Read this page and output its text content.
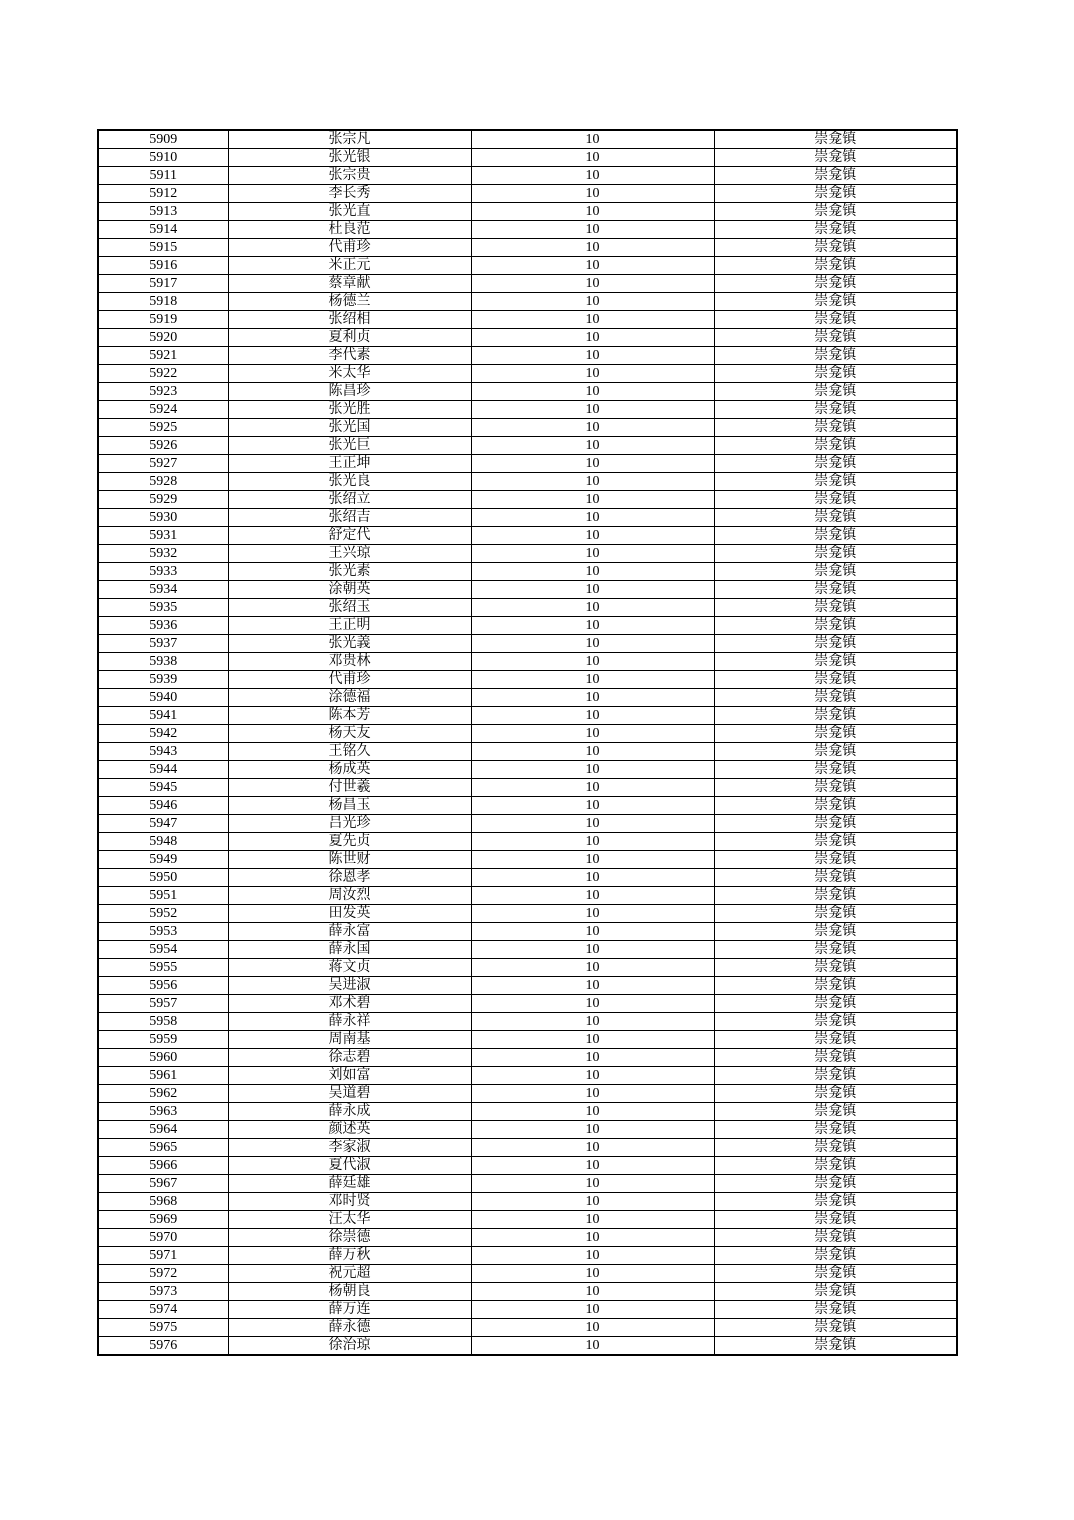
5909	张宗凡	10	崇龛镇
5910	张光银	10	崇龛镇
5911	张宗贵	10	崇龛镇
5912	李长秀	10	崇龛镇
5913	张光直	10	崇龛镇
5914	杜良范	10	崇龛镇
5915	代甫珍	10	崇龛镇
5916	米正元	10	崇龛镇
5917	蔡章献	10	崇龛镇
5918	杨德兰	10	崇龛镇
5919	张绍相	10	崇龛镇
5920	夏利贞	10	崇龛镇
5921	李代素	10	崇龛镇
5922	米太华	10	崇龛镇
5923	陈昌珍	10	崇龛镇
5924	张光胜	10	崇龛镇
5925	张光国	10	崇龛镇
5926	张光巨	10	崇龛镇
5927	王正坤	10	崇龛镇
5928	张光良	10	崇龛镇
5929	张绍立	10	崇龛镇
5930	张绍吉	10	崇龛镇
5931	舒定代	10	崇龛镇
5932	王兴琼	10	崇龛镇
5933	张光素	10	崇龛镇
5934	涂朝英	10	崇龛镇
5935	张绍玉	10	崇龛镇
5936	王正明	10	崇龛镇
5937	张光義	10	崇龛镇
5938	邓贵林	10	崇龛镇
5939	代甫珍	10	崇龛镇
5940	涂德福	10	崇龛镇
5941	陈本芳	10	崇龛镇
5942	杨天友	10	崇龛镇
5943	王铭久	10	崇龛镇
5944	杨成英	10	崇龛镇
5945	付世羲	10	崇龛镇
5946	杨昌玉	10	崇龛镇
5947	吕光珍	10	崇龛镇
5948	夏先贞	10	崇龛镇
5949	陈世财	10	崇龛镇
5950	徐恩孝	10	崇龛镇
5951	周汝烈	10	崇龛镇
5952	田发英	10	崇龛镇
5953	薛永富	10	崇龛镇
5954	薛永国	10	崇龛镇
5955	蒋文贞	10	崇龛镇
5956	吴进淑	10	崇龛镇
5957	邓术碧	10	崇龛镇
5958	薛永祥	10	崇龛镇
5959	周南基	10	崇龛镇
5960	徐志碧	10	崇龛镇
5961	刘如富	10	崇龛镇
5962	吴道碧	10	崇龛镇
5963	薛永成	10	崇龛镇
5964	颜述英	10	崇龛镇
5965	李家淑	10	崇龛镇
5966	夏代淑	10	崇龛镇
5967	薛廷雄	10	崇龛镇
5968	邓时贤	10	崇龛镇
5969	汪太华	10	崇龛镇
5970	徐崇德	10	崇龛镇
5971	薛万秋	10	崇龛镇
5972	祝元超	10	崇龛镇
5973	杨朝良	10	崇龛镇
5974	薛万连	10	崇龛镇
5975	薛永德	10	崇龛镇
5976	徐治琼	10	崇龛镇
